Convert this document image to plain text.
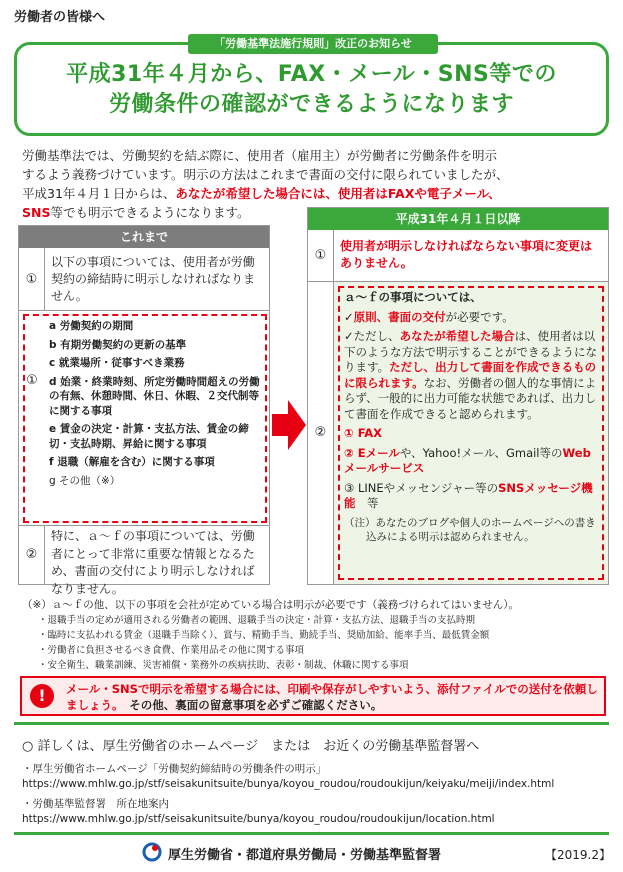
労働者の皆様へ
「労働基準法施行規則」改正のお知らせ
平成31年４月から、FAX・メール・SNS等での
労働条件の確認ができるようになります
労働基準法では、労働契約を結ぶ際に、使用者（雇用主）が労働者に労働条件を明示
するよう義務づけています。明示の方法はこれまで書面の交付に限られていましたが、
平成31年４月１日からは、あなたが希望した場合には、使用者はFAXや電子メール、
SNS等でも明示できるようになります。
これまで
①
以下の事項については、使用者が労働契約の締結時に明示しなければなりません。
①
a 労働契約の期間
b 有期労働契約の更新の基準
c 就業場所・従事すべき業務
d 始業・終業時刻、所定労働時間超えの労働の有無、休憩時間、休日、休暇、２交代制等に関する事項
e 賃金の決定・計算・支払方法、賃金の締切・支払時期、昇給に関する事項
f 退職（解雇を含む）に関する事項
g その他（※）
②
特に、ａ～ｆの事項については、労働者にとって非常に重要な情報となるため、書面の交付により明示しなければなりません。
平成31年４月１日以降
①
使用者が明示しなければならない事項に変更はありません。
②

ａ～ｆの事項については、

✓原則、書面の交付が必要です。

✓ただし、あなたが希望した場合は、使用者は以下のような方法で明示することができるようになります。ただし、出力して書面を作成できるものに限られます。なお、労働者の個人的な事情によらず、一般的に出力可能な状態であれば、出力して書面を作成できると認められます。

① FAX

② Eメールや、Yahoo!メール、Gmail等のWebメールサービス

③ LINEやメッセンジャー等のSNSメッセージ機能　等

（注）あなたのブログや個人のホームページへの書き込みによる明示は認められません。

（※）ａ～ｆの他、以下の事項を会社が定めている場合は明示が必要です（義務づけられてはいません）。
・退職手当の定めが適用される労働者の範囲、退職手当の決定・計算・支払方法、退職手当の支払時期
・臨時に支払われる賃金（退職手当除く）、賞与、精勤手当、勤続手当、奨励加給、能率手当、最低賃金額
・労働者に負担させるべき食費、作業用品その他に関する事項
・安全衛生、職業訓練、災害補償・業務外の疾病扶助、表彰・制裁、休職に関する事項
!	メール・SNSで明示を希望する場合には、印刷や保存がしやすいよう、添付ファイルでの送付を依頼しましょう。　その他、裏面の留意事項を必ずご確認ください。
○ 詳しくは、厚生労働省のホームページ　または　お近くの労働基準監督署へ
・厚生労働省ホームページ「労働契約締結時の労働条件の明示」
https://www.mhlw.go.jp/stf/seisakunitsuite/bunya/koyou_roudou/roudoukijun/keiyaku/meiji/index.html
・労働基準監督署　所在地案内
https://www.mhlw.go.jp/stf/seisakunitsuite/bunya/koyou_roudou/roudoukijun/location.html
厚生労働省・都道府県労働局・労働基準監督署	【2019.2】
